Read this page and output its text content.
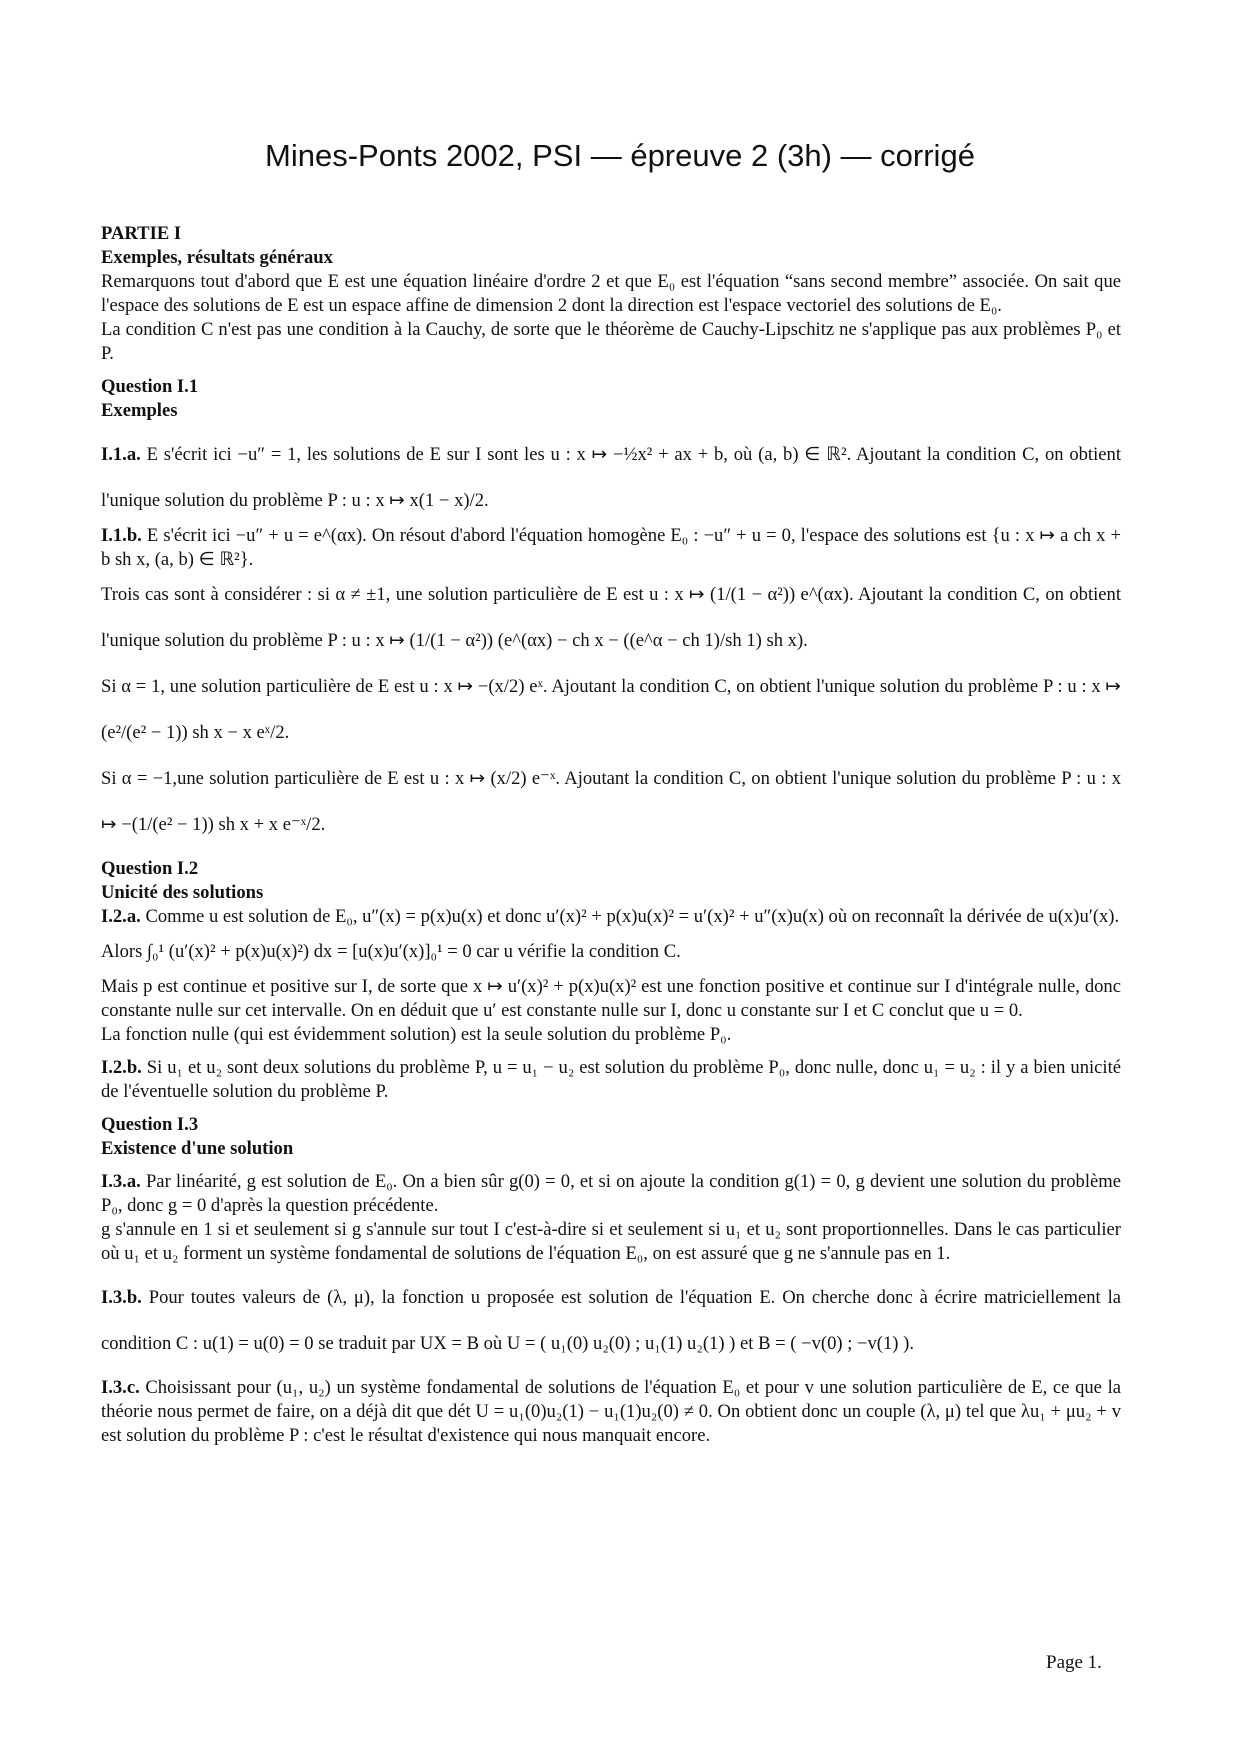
Mines-Ponts 2002, PSI — épreuve 2 (3h) — corrigé

PARTIE I

Exemples, résultats généraux

Remarquons tout d'abord que E est une équation linéaire d'ordre 2 et que E₀ est l'équation “sans second membre” associée. On sait que l'espace des solutions de E est un espace affine de dimension 2 dont la direction est l'espace vectoriel des solutions de E₀.

La condition C n'est pas une condition à la Cauchy, de sorte que le théorème de Cauchy-Lipschitz ne s'applique pas aux problèmes P₀ et P.

Question I.1

Exemples

I.1.a. E s'écrit ici −u″ = 1, les solutions de E sur I sont les u : x ↦ −½x² + ax + b, où (a, b) ∈ ℝ². Ajoutant la condition C, on obtient l'unique solution du problème P : u : x ↦ x(1 − x)/2.

I.1.b. E s'écrit ici −u″ + u = e^(αx). On résout d'abord l'équation homogène E₀ : −u″ + u = 0, l'espace des solutions est {u : x ↦ a ch x + b sh x, (a, b) ∈ ℝ²}.

Trois cas sont à considérer : si α ≠ ±1, une solution particulière de E est u : x ↦ (1/(1 − α²)) e^(αx). Ajoutant la condition C, on obtient l'unique solution du problème P : u : x ↦ (1/(1 − α²)) (e^(αx) − ch x − ((e^α − ch 1)/sh 1) sh x).

Si α = 1, une solution particulière de E est u : x ↦ −(x/2) eˣ. Ajoutant la condition C, on obtient l'unique solution du problème P : u : x ↦ (e²/(e² − 1)) sh x − x eˣ/2.

Si α = −1,une solution particulière de E est u : x ↦ (x/2) e⁻ˣ. Ajoutant la condition C, on obtient l'unique solution du problème P : u : x ↦ −(1/(e² − 1)) sh x + x e⁻ˣ/2.

Question I.2

Unicité des solutions

I.2.a. Comme u est solution de E₀, u″(x) = p(x)u(x) et donc u′(x)² + p(x)u(x)² = u′(x)² + u″(x)u(x) où on reconnaît la dérivée de u(x)u′(x).

Alors ∫₀¹ (u′(x)² + p(x)u(x)²) dx = [u(x)u′(x)]₀¹ = 0 car u vérifie la condition C.

Mais p est continue et positive sur I, de sorte que x ↦ u′(x)² + p(x)u(x)² est une fonction positive et continue sur I d'intégrale nulle, donc constante nulle sur cet intervalle. On en déduit que u′ est constante nulle sur I, donc u constante sur I et C conclut que u = 0.

La fonction nulle (qui est évidemment solution) est la seule solution du problème P₀.

I.2.b. Si u₁ et u₂ sont deux solutions du problème P, u = u₁ − u₂ est solution du problème P₀, donc nulle, donc u₁ = u₂ : il y a bien unicité de l'éventuelle solution du problème P.

Question I.3

Existence d'une solution

I.3.a. Par linéarité, g est solution de E₀. On a bien sûr g(0) = 0, et si on ajoute la condition g(1) = 0, g devient une solution du problème P₀, donc g = 0 d'après la question précédente.

g s'annule en 1 si et seulement si g s'annule sur tout I c'est-à-dire si et seulement si u₁ et u₂ sont proportionnelles. Dans le cas particulier où u₁ et u₂ forment un système fondamental de solutions de l'équation E₀, on est assuré que g ne s'annule pas en 1.

I.3.b. Pour toutes valeurs de (λ, μ), la fonction u proposée est solution de l'équation E. On cherche donc à écrire matriciellement la condition C : u(1) = u(0) = 0 se traduit par UX = B où U = ( u₁(0) u₂(0) ; u₁(1) u₂(1) ) et B = ( −v(0) ; −v(1) ).

I.3.c. Choisissant pour (u₁, u₂) un système fondamental de solutions de l'équation E₀ et pour v une solution particulière de E, ce que la théorie nous permet de faire, on a déjà dit que dét U = u₁(0)u₂(1) − u₁(1)u₂(0) ≠ 0. On obtient donc un couple (λ, μ) tel que λu₁ + μu₂ + v est solution du problème P : c'est le résultat d'existence qui nous manquait encore.

Page 1.
